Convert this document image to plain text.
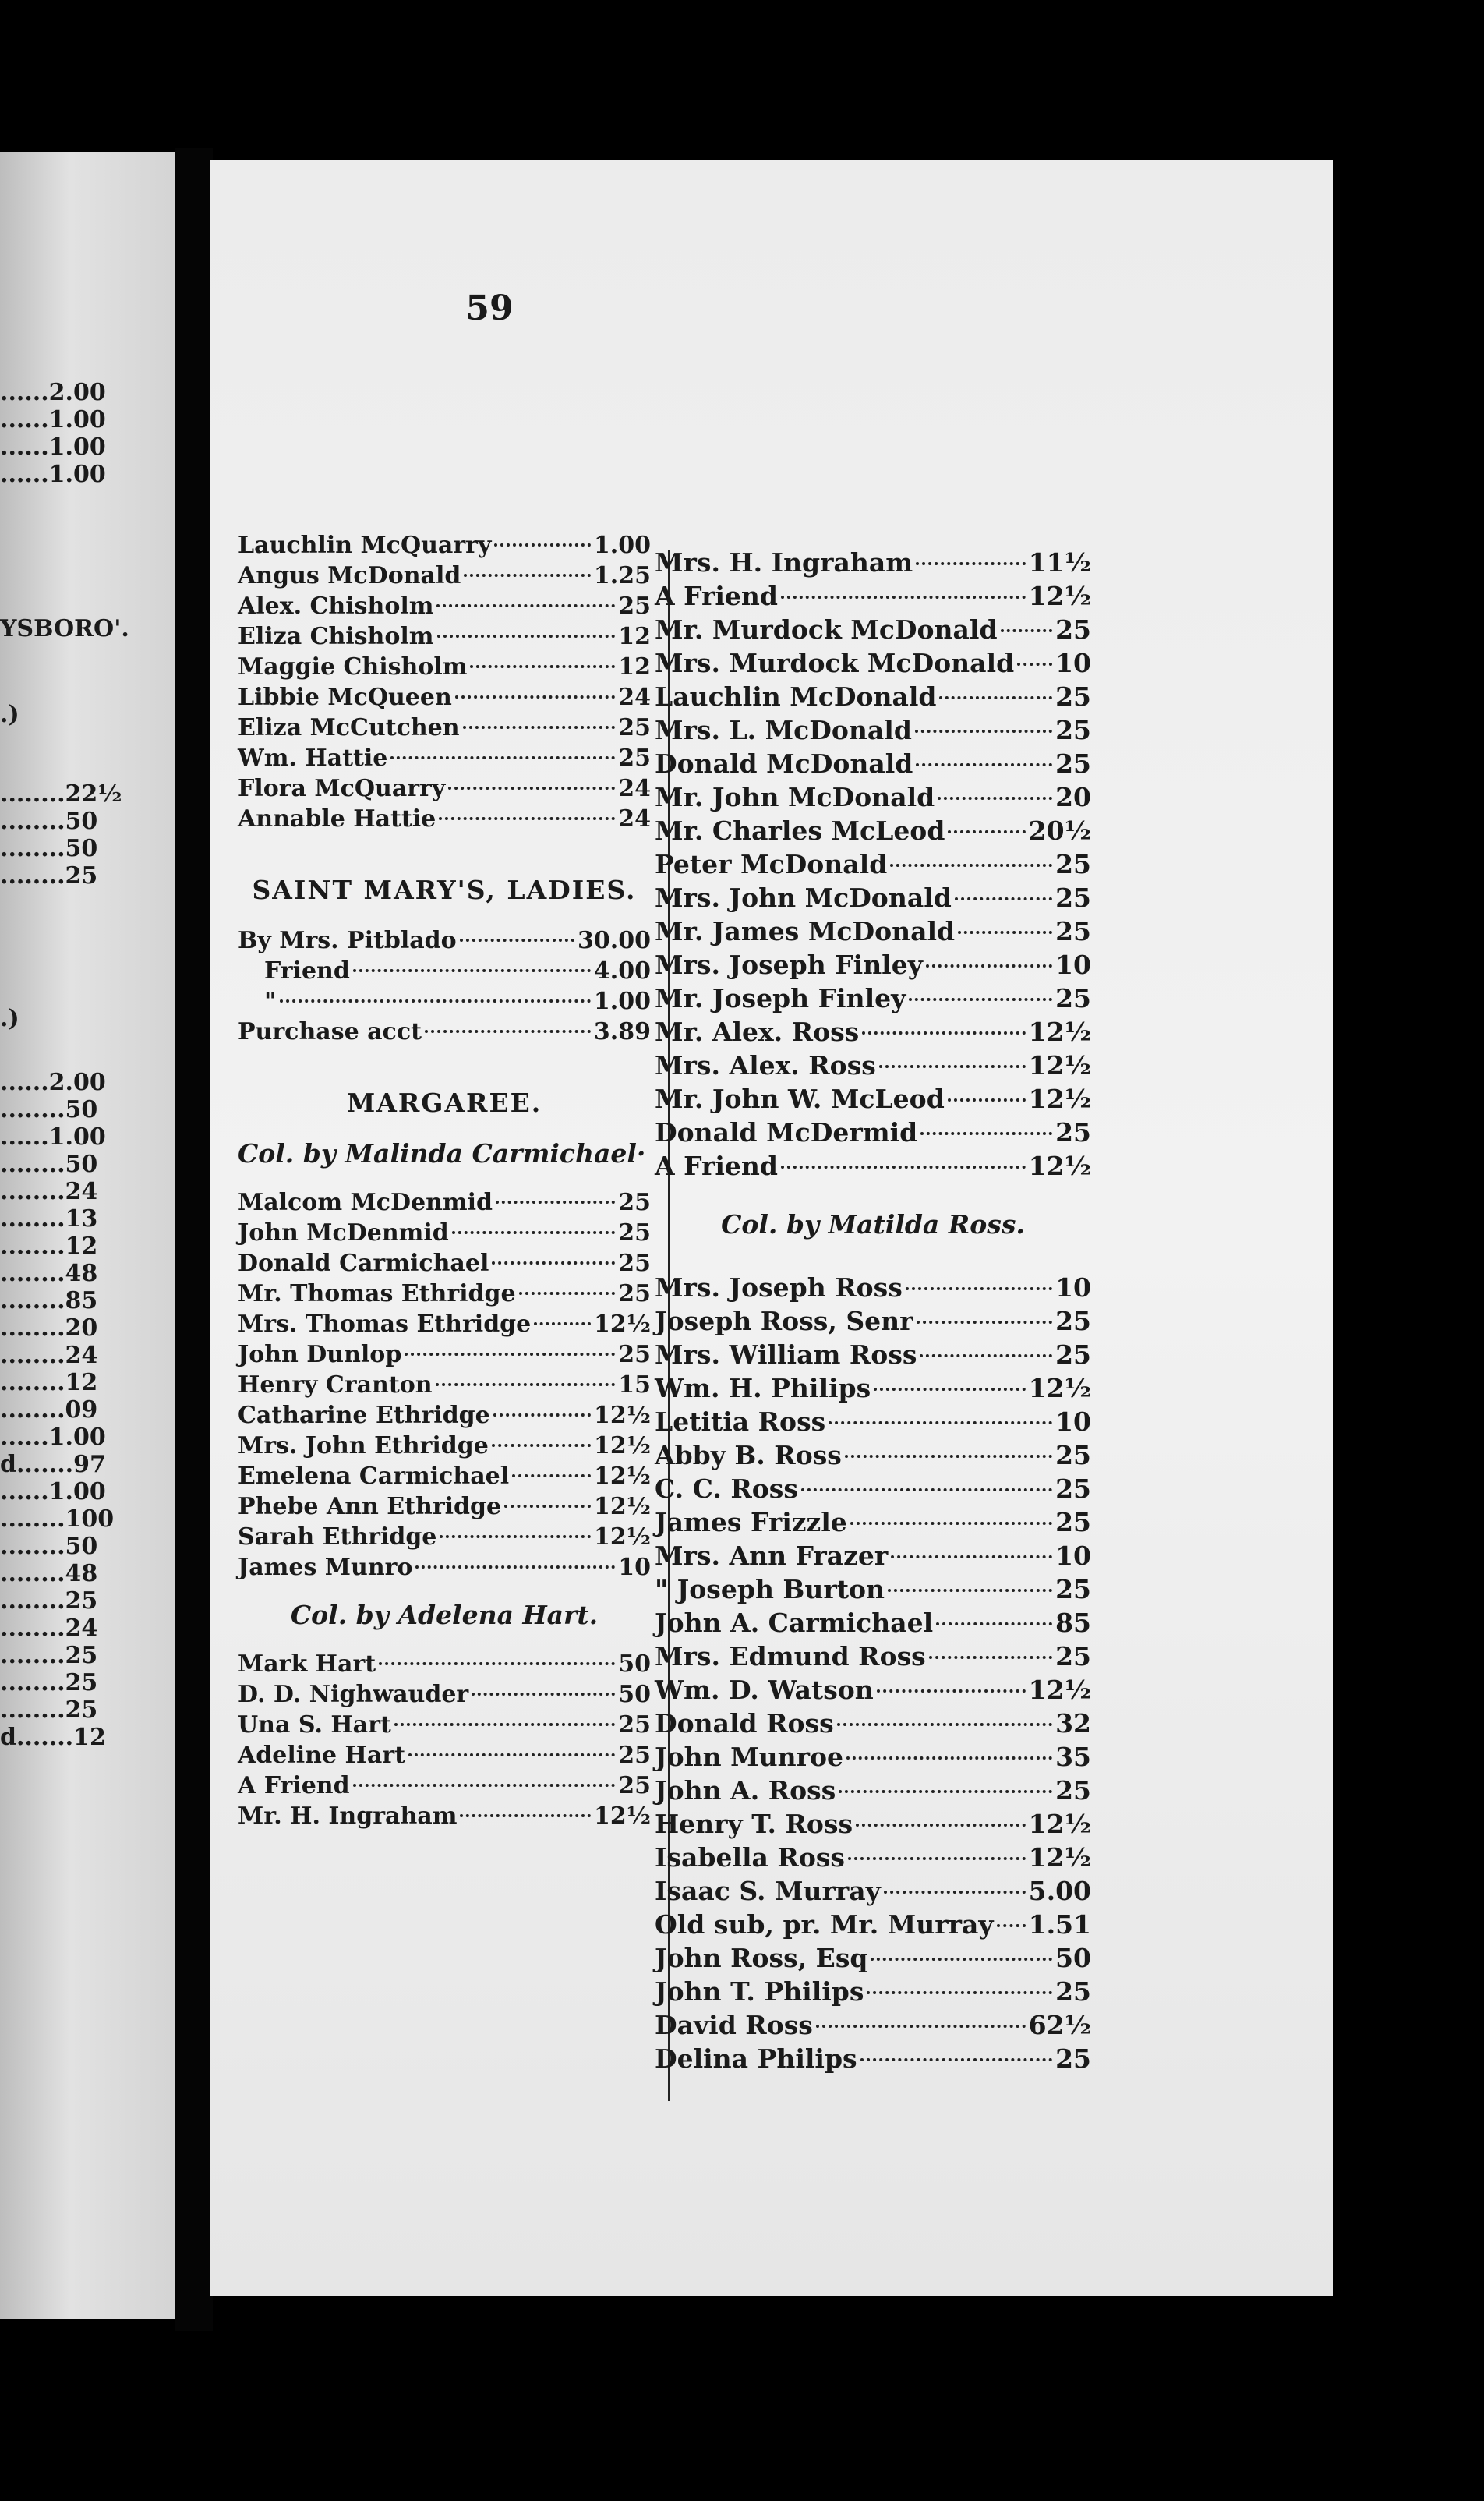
......2.00
......1.00
......1.00
......1.00
YSBORO'.
.)
........22½
........50
........50
........25
.)
......2.00
........50
......1.00
........50
........24
........13
........12
........48
........85
........20
........24
........12
........09
......1.00
d.......97
......1.00
........100
........50
........48
........25
........24
........25
........25
........25
d.......12
59
Lauchlin McQuarry	1.00
Angus McDonald	1.25
Alex. Chisholm	25
Eliza Chisholm	12
Maggie Chisholm	12
Libbie McQueen	24
Eliza McCutchen	25
Wm. Hattie	25
Flora McQuarry	24
Annable Hattie	24
SAINT MARY'S, LADIES.
By Mrs. Pitblado	30.00
Friend	4.00
"	1.00
Purchase acct	3.89
MARGAREE.
Col. by Malinda Carmichael·
Malcom McDenmid	25
John McDenmid	25
Donald Carmichael	25
Mr. Thomas Ethridge	25
Mrs. Thomas Ethridge	12½
John Dunlop	25
Henry Cranton	15
Catharine Ethridge	12½
Mrs. John Ethridge	12½
Emelena Carmichael	12½
Phebe Ann Ethridge	12½
Sarah Ethridge	12½
James Munro	10
Col. by Adelena Hart.
Mark Hart	50
D. D. Nighwauder	50
Una S. Hart	25
Adeline Hart	25
A Friend	25
Mr. H. Ingraham	12½
Mrs. H. Ingraham	11½
A Friend	12½
Mr. Murdock McDonald 25
Mrs. Murdock McDonald 10
Lauchlin McDonald	25
Mrs. L. McDonald	25
Donald McDonald	25
Mr. John McDonald	20
Mr. Charles McLeod	20½
Peter McDonald	25
Mrs. John McDonald	25
Mr. James McDonald	25
Mrs. Joseph Finley	10
Mr. Joseph Finley	25
Mr. Alex. Ross	12½
Mrs. Alex. Ross	12½
Mr. John W. McLeod	12½
Donald McDermid	25
A Friend	12½
Col. by Matilda Ross.
Mrs. Joseph Ross	10
Joseph Ross, Senr	25
Mrs. William Ross	25
Wm. H. Philips	12½
Letitia Ross	10
Abby B. Ross	25
C. C. Ross	25
James Frizzle	25
Mrs. Ann Frazer	10
" Joseph Burton	25
John A. Carmichael	85
Mrs. Edmund Ross	25
Wm. D. Watson	12½
Donald Ross	32
John Munroe	35
John A. Ross	25
Henry T. Ross	12½
Isabella Ross	12½
Isaac S. Murray	5.00
Old sub, pr. Mr. Murray 1.51
John Ross, Esq	50
John T. Philips	25
David Ross	62½
Delina Philips	25
